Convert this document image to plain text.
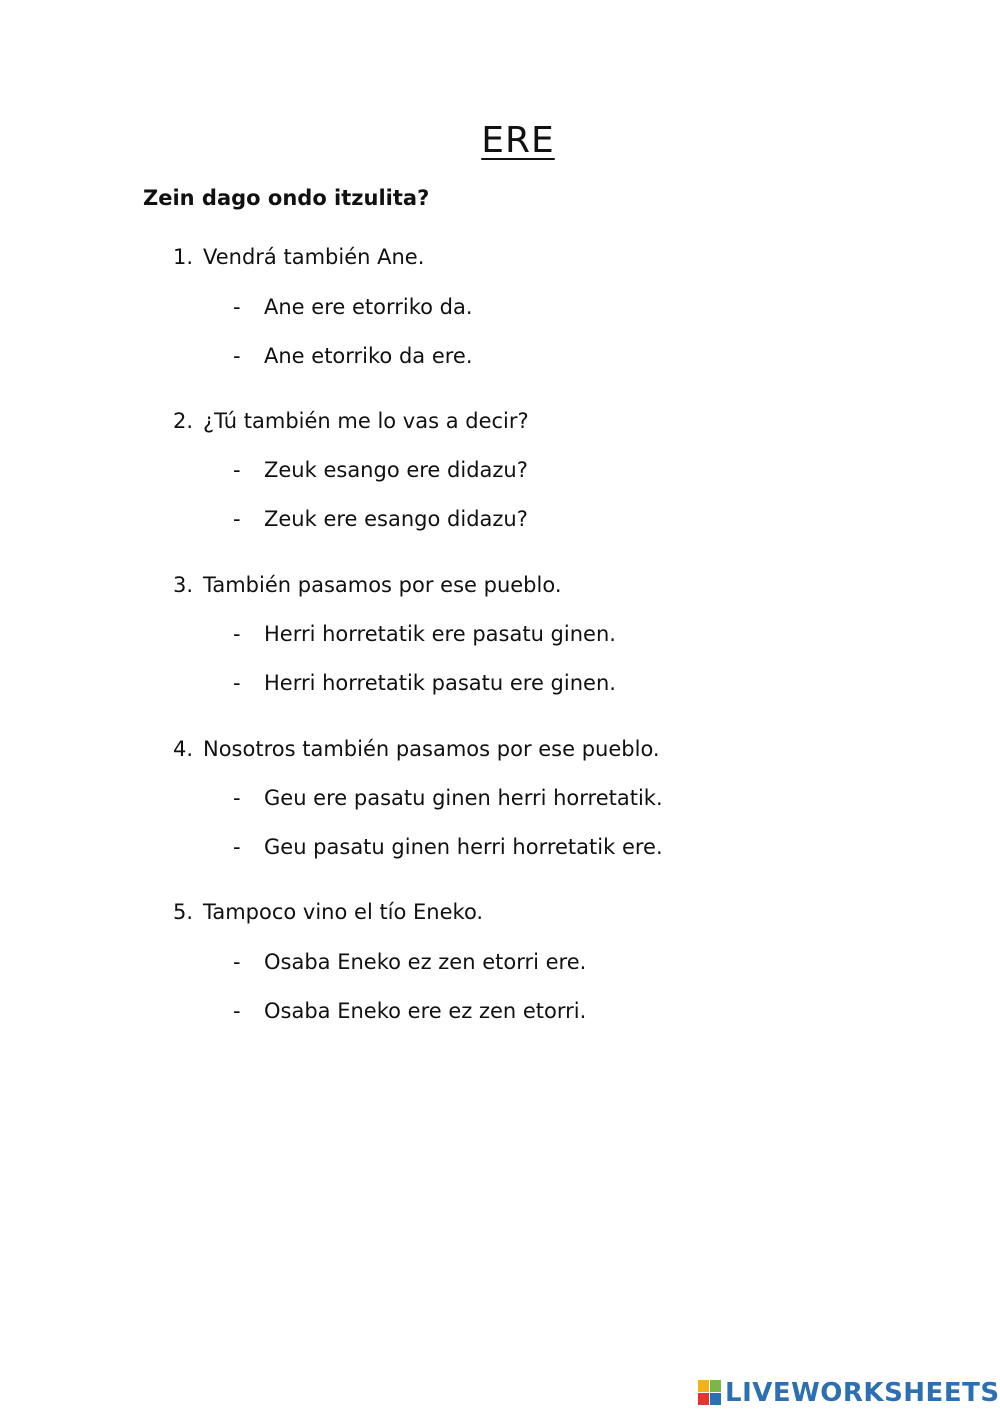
ERE
Zein dago ondo itzulita?
1. Vendrá también Ane.
- Ane ere etorriko da.
- Ane etorriko da ere.
2. ¿Tú también me lo vas a decir?
- Zeuk esango ere didazu?
- Zeuk ere esango didazu?
3. También pasamos por ese pueblo.
- Herri horretatik ere pasatu ginen.
- Herri horretatik pasatu ere ginen.
4. Nosotros también pasamos por ese pueblo.
- Geu ere pasatu ginen herri horretatik.
- Geu pasatu ginen herri horretatik ere.
5. Tampoco vino el tío Eneko.
- Osaba Eneko ez zen etorri ere.
- Osaba Eneko ere ez zen etorri.
LIVEWORKSHEETS
